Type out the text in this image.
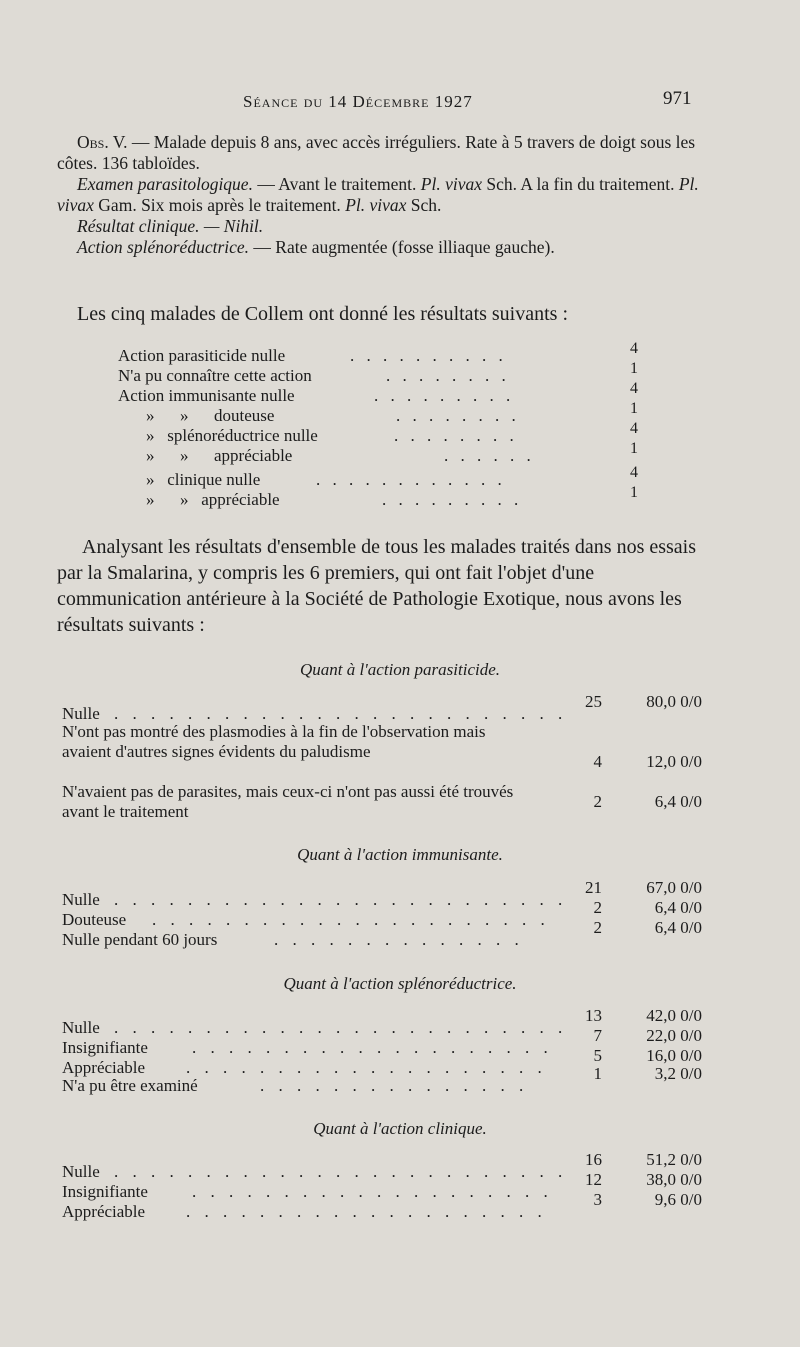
Séance du 14 Décembre 1927	971

Obs. V. — Malade depuis 8 ans, avec accès irréguliers. Rate à 5 travers de doigt sous les côtes. 136 tabloïdes.

Examen parasitologique. — Avant le traitement. Pl. vivax Sch. A la fin du traitement. Pl. vivax Gam. Six mois après le traitement. Pl. vivax Sch.

Résultat clinique. — Nihil.

Action splénoréductrice. — Rate augmentée (fosse illiaque gauche).

Les cinq malades de Collem ont donné les résultats suivants :
Action parasiticide nulle	. . . . . . . . . .	4
N'a pu connaître cette action	. . . . . . . .	1
Action immunisante nulle	. . . . . . . . .	4
»      »      douteuse	. . . . . . . .	1
»   splénoréductrice nulle	. . . . . . . .	4
»      »      appréciable	. . . . . .	1
»   clinique nulle	. . . . . . . . . . . .	4
»      »   appréciable	. . . . . . . . .	1
Analysant les résultats d'ensemble de tous les malades traités dans nos essais par la Smalarina, y compris les 6 premiers, qui ont fait l'objet d'une communication antérieure à la Société de Pathologie Exotique, nous avons les résultats suivants :
Quant à l'action parasiticide.
Nulle . . . . . . . . . . . . . . . . . . . . . . . . .
25	80,0 0/0
N'ont pas montré des plasmodies à la fin de l'observation mais avaient d'autres signes évidents du paludisme
4	12,0 0/0
N'avaient pas de parasites, mais ceux-ci n'ont pas aussi été trouvés avant le traitement
2	6,4 0/0
Quant à l'action immunisante.
Nulle . . . . . . . . . . . . . . . . . . . . . . . . .
21	67,0 0/0
Douteuse . . . . . . . . . . . . . . . . . . . . . .
2	6,4 0/0
Nulle pendant 60 jours	. . . . . . . . . . . . . .
2	6,4 0/0
Quant à l'action splénoréductrice.
Nulle . . . . . . . . . . . . . . . . . . . . . . . . .
13	42,0 0/0
Insignifiante	. . . . . . . . . . . . . . . . . . . .
7	22,0 0/0
Appréciable . . . . . . . . . . . . . . . . . . . .
5	16,0 0/0
N'a pu être examiné	. . . . . . . . . . . . . . .
1	3,2 0/0
Quant à l'action clinique.
Nulle . . . . . . . . . . . . . . . . . . . . . . . . .
16	51,2 0/0
Insignifiante	. . . . . . . . . . . . . . . . . . . .
12	38,0 0/0
Appréciable . . . . . . . . . . . . . . . . . . . .
3	9,6 0/0
